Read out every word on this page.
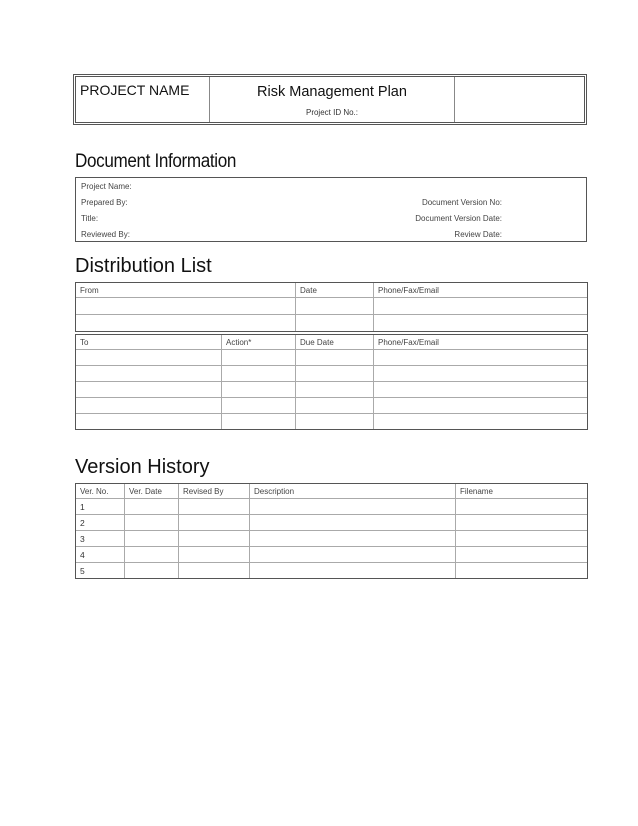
PROJECT NAME	Risk Management Plan
Project ID No.:
Document Information
Project Name:
Prepared By:	Document Version No:
Title:	Document Version Date:
Reviewed By:	Review Date:
Distribution List
From	Date	Phone/Fax/Email

To	Action*	Due Date	Phone/Fax/Email

Version History
Ver. No.	Ver. Date	Revised By	Description	Filename
1				
2				
3				
4				
5				
